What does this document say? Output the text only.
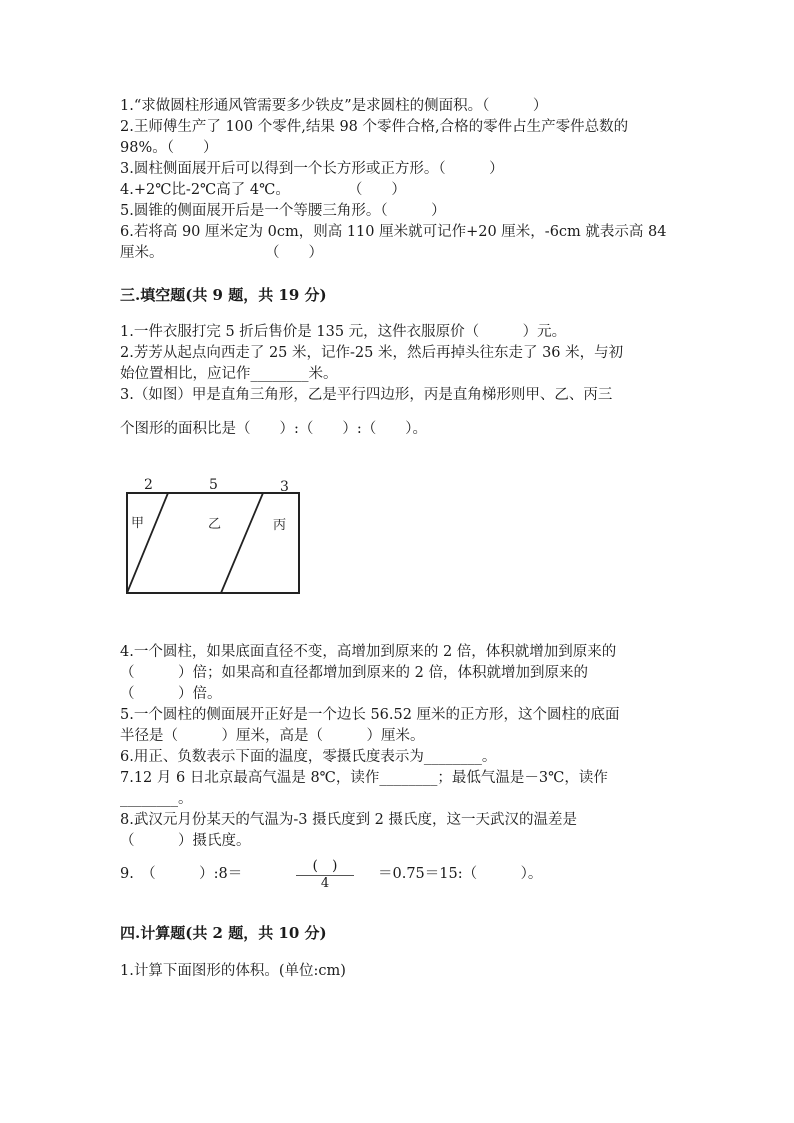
1.“求做圆柱形通风管需要多少铁皮”是求圆柱的侧面积。（　　　）
2.王师傅生产了 100 个零件,结果 98 个零件合格,合格的零件占生产零件总数的
98%。（　　）
3.圆柱侧面展开后可以得到一个长方形或正方形。（　　　）
4.+2℃比-2℃高了 4℃。　　　　　（　　）
5.圆锥的侧面展开后是一个等腰三角形。（　　　）
6.若将高 90 厘米定为 0cm，则高 110 厘米就可记作+20 厘米，-6cm 就表示高 84
厘米。　　　　　　　　（　　）
三.填空题(共 9 题，共 19 分)
1.一件衣服打完 5 折后售价是 135 元，这件衣服原价（　　　）元。
2.芳芳从起点向西走了 25 米，记作-25 米，然后再掉头往东走了 36 米，与初
始位置相比，应记作________米。
3.（如图）甲是直角三角形，乙是平行四边形，丙是直角梯形则甲、乙、丙三
个图形的面积比是（　　）:（　　）:（　　）。
2	5	3
甲	乙	丙
4.一个圆柱，如果底面直径不变，高增加到原来的 2 倍，体积就增加到原来的
（　　　）倍；如果高和直径都增加到原来的 2 倍，体积就增加到原来的
（　　　）倍。
5.一个圆柱的侧面展开正好是一个边长 56.52 厘米的正方形，这个圆柱的底面
半径是（　　　）厘米，高是（　　　）厘米。
6.用正、负数表示下面的温度，零摄氏度表示为________。
7.12 月 6 日北京最高气温是 8℃，读作________；最低气温是－3℃，读作
________。
8.武汉元月份某天的气温为-3 摄氏度到 2 摄氏度，这一天武汉的温差是
（　　　）摄氏度。
9.　（　　　）:8＝	(　)
4
＝0.75＝15:（　　　）。
四.计算题(共 2 题，共 10 分)
1.计算下面图形的体积。(单位:cm)
